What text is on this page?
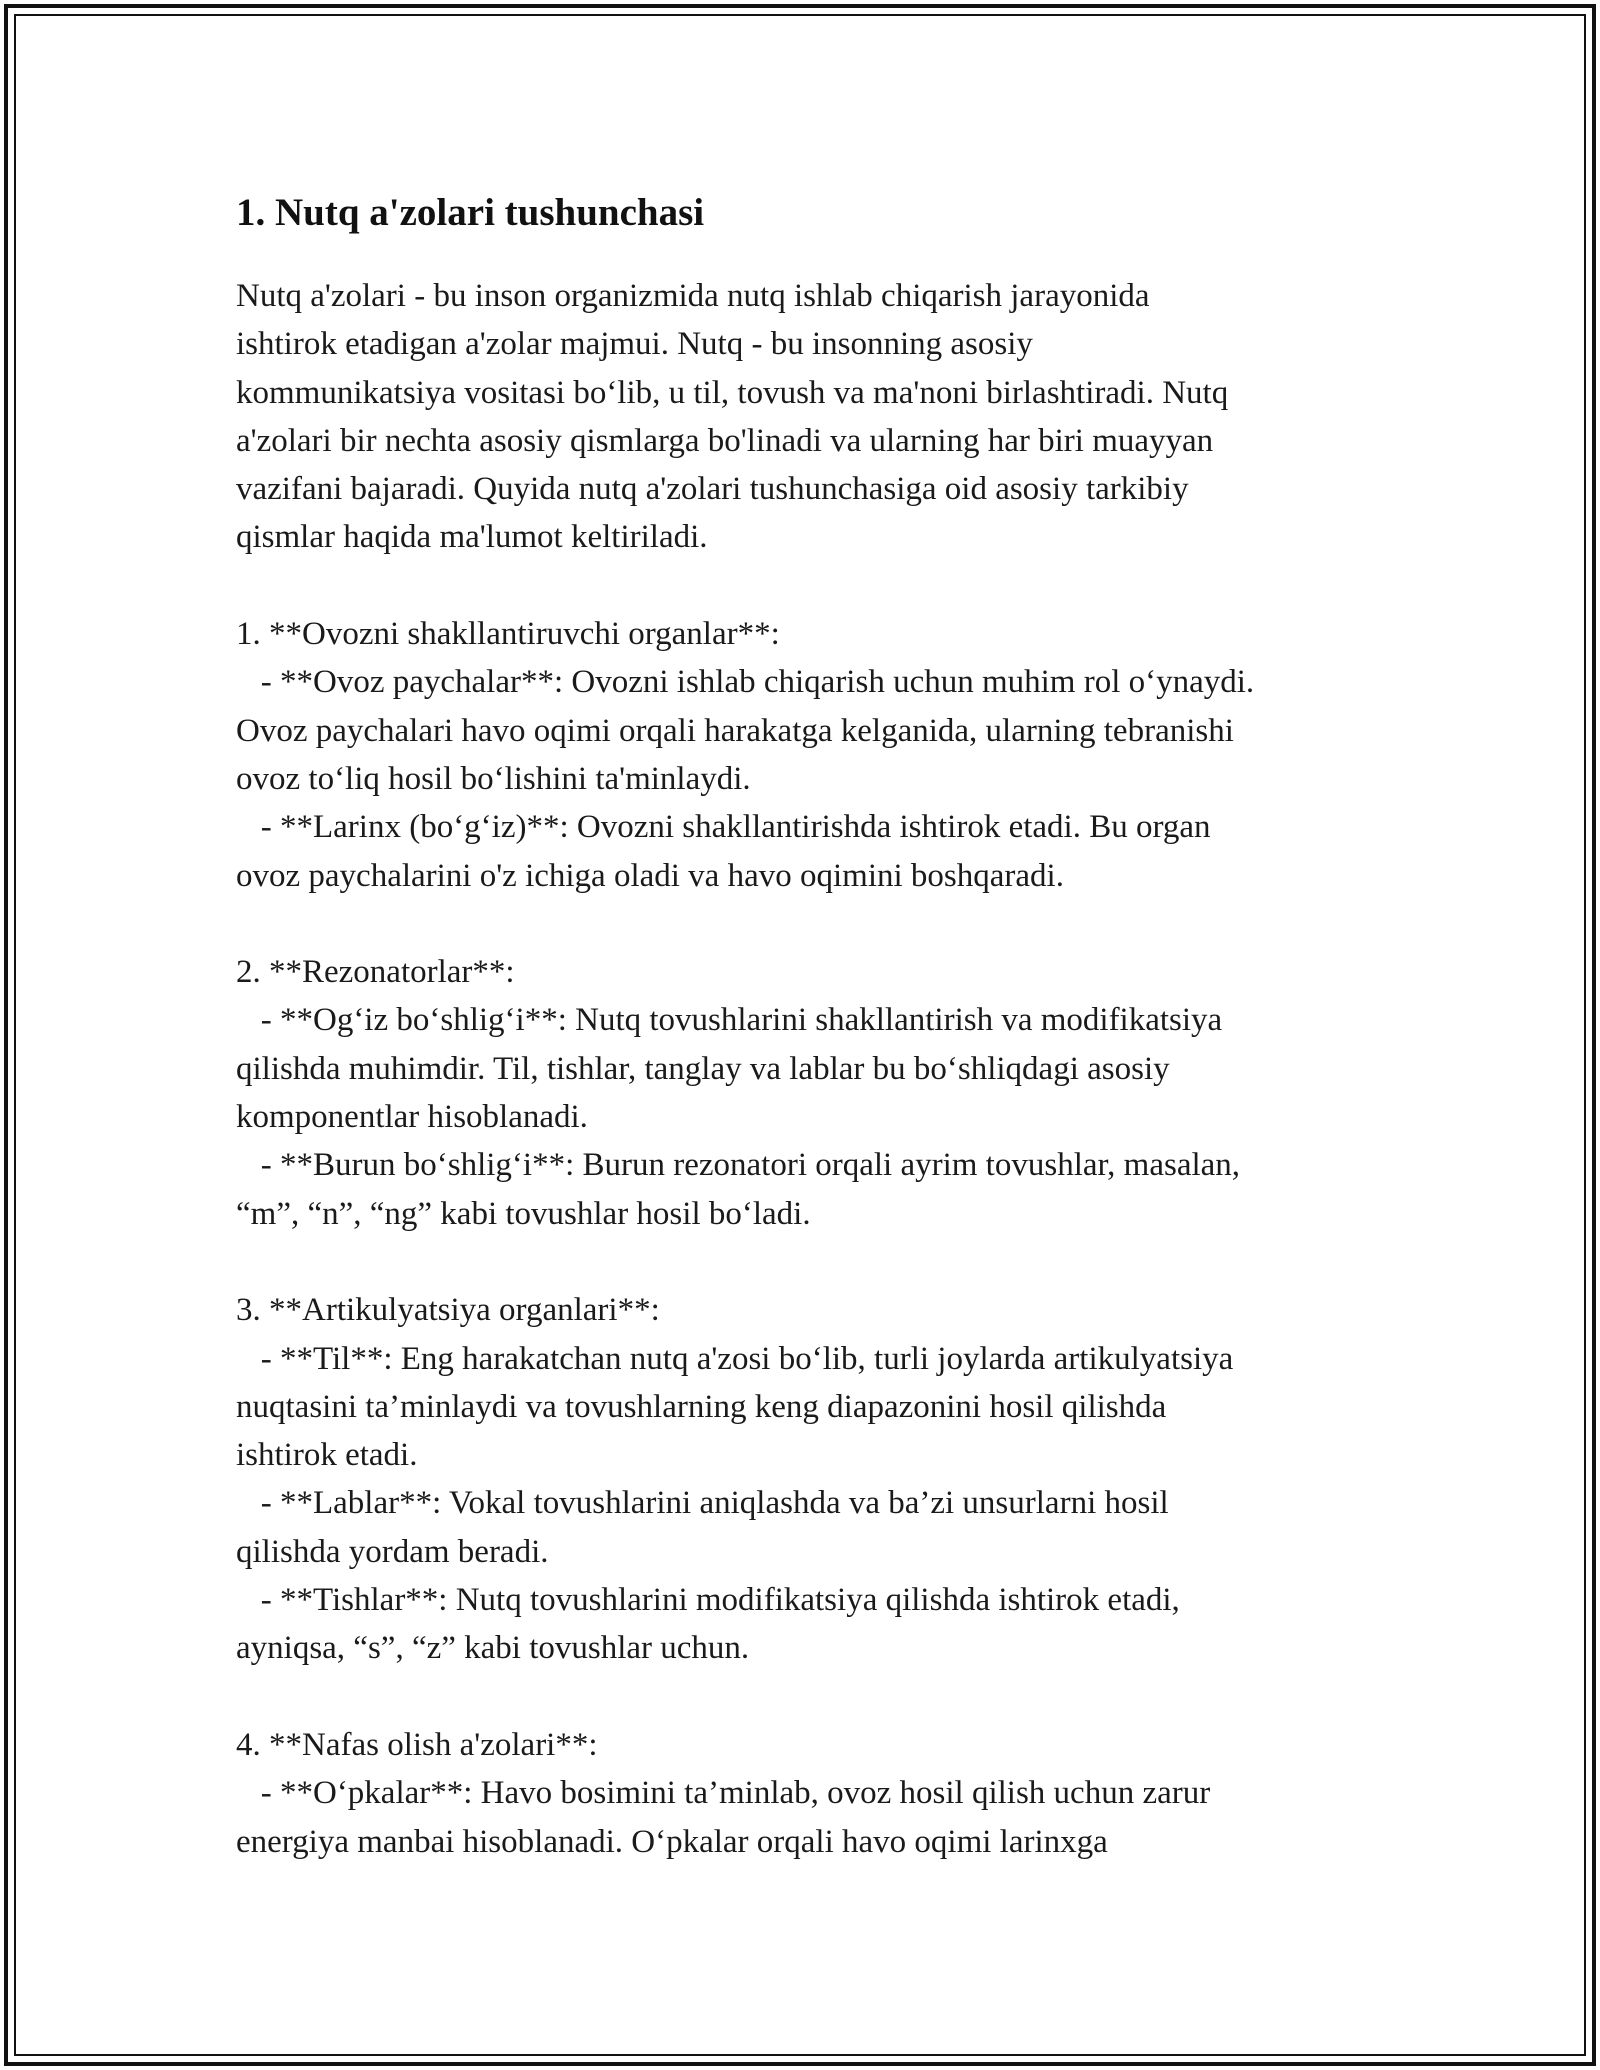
1. Nutq a'zolari tushunchasi
Nutq a'zolari - bu inson organizmida nutq ishlab chiqarish jarayonida
ishtirok etadigan a'zolar majmui. Nutq - bu insonning asosiy
kommunikatsiya vositasi bo‘lib, u til, tovush va ma'noni birlashtiradi. Nutq
a'zolari bir nechta asosiy qismlarga bo'linadi va ularning har biri muayyan
vazifani bajaradi. Quyida nutq a'zolari tushunchasiga oid asosiy tarkibiy
qismlar haqida ma'lumot keltiriladi.
1. **Ovozni shakllantiruvchi organlar**:
- **Ovoz paychalar**: Ovozni ishlab chiqarish uchun muhim rol o‘ynaydi.
Ovoz paychalari havo oqimi orqali harakatga kelganida, ularning tebranishi
ovoz to‘liq hosil bo‘lishini ta'minlaydi.
- **Larinx (bo‘g‘iz)**: Ovozni shakllantirishda ishtirok etadi. Bu organ
ovoz paychalarini o'z ichiga oladi va havo oqimini boshqaradi.
2. **Rezonatorlar**:
- **Og‘iz bo‘shlig‘i**: Nutq tovushlarini shakllantirish va modifikatsiya
qilishda muhimdir. Til, tishlar, tanglay va lablar bu bo‘shliqdagi asosiy
komponentlar hisoblanadi.
- **Burun bo‘shlig‘i**: Burun rezonatori orqali ayrim tovushlar, masalan,
“m”, “n”, “ng” kabi tovushlar hosil bo‘ladi.
3. **Artikulyatsiya organlari**:
- **Til**: Eng harakatchan nutq a'zosi bo‘lib, turli joylarda artikulyatsiya
nuqtasini ta’minlaydi va tovushlarning keng diapazonini hosil qilishda
ishtirok etadi.
- **Lablar**: Vokal tovushlarini aniqlashda va ba’zi unsurlarni hosil
qilishda yordam beradi.
- **Tishlar**: Nutq tovushlarini modifikatsiya qilishda ishtirok etadi,
ayniqsa, “s”, “z” kabi tovushlar uchun.
4. **Nafas olish a'zolari**:
- **O‘pkalar**: Havo bosimini ta’minlab, ovoz hosil qilish uchun zarur
energiya manbai hisoblanadi. O‘pkalar orqali havo oqimi larinxga
